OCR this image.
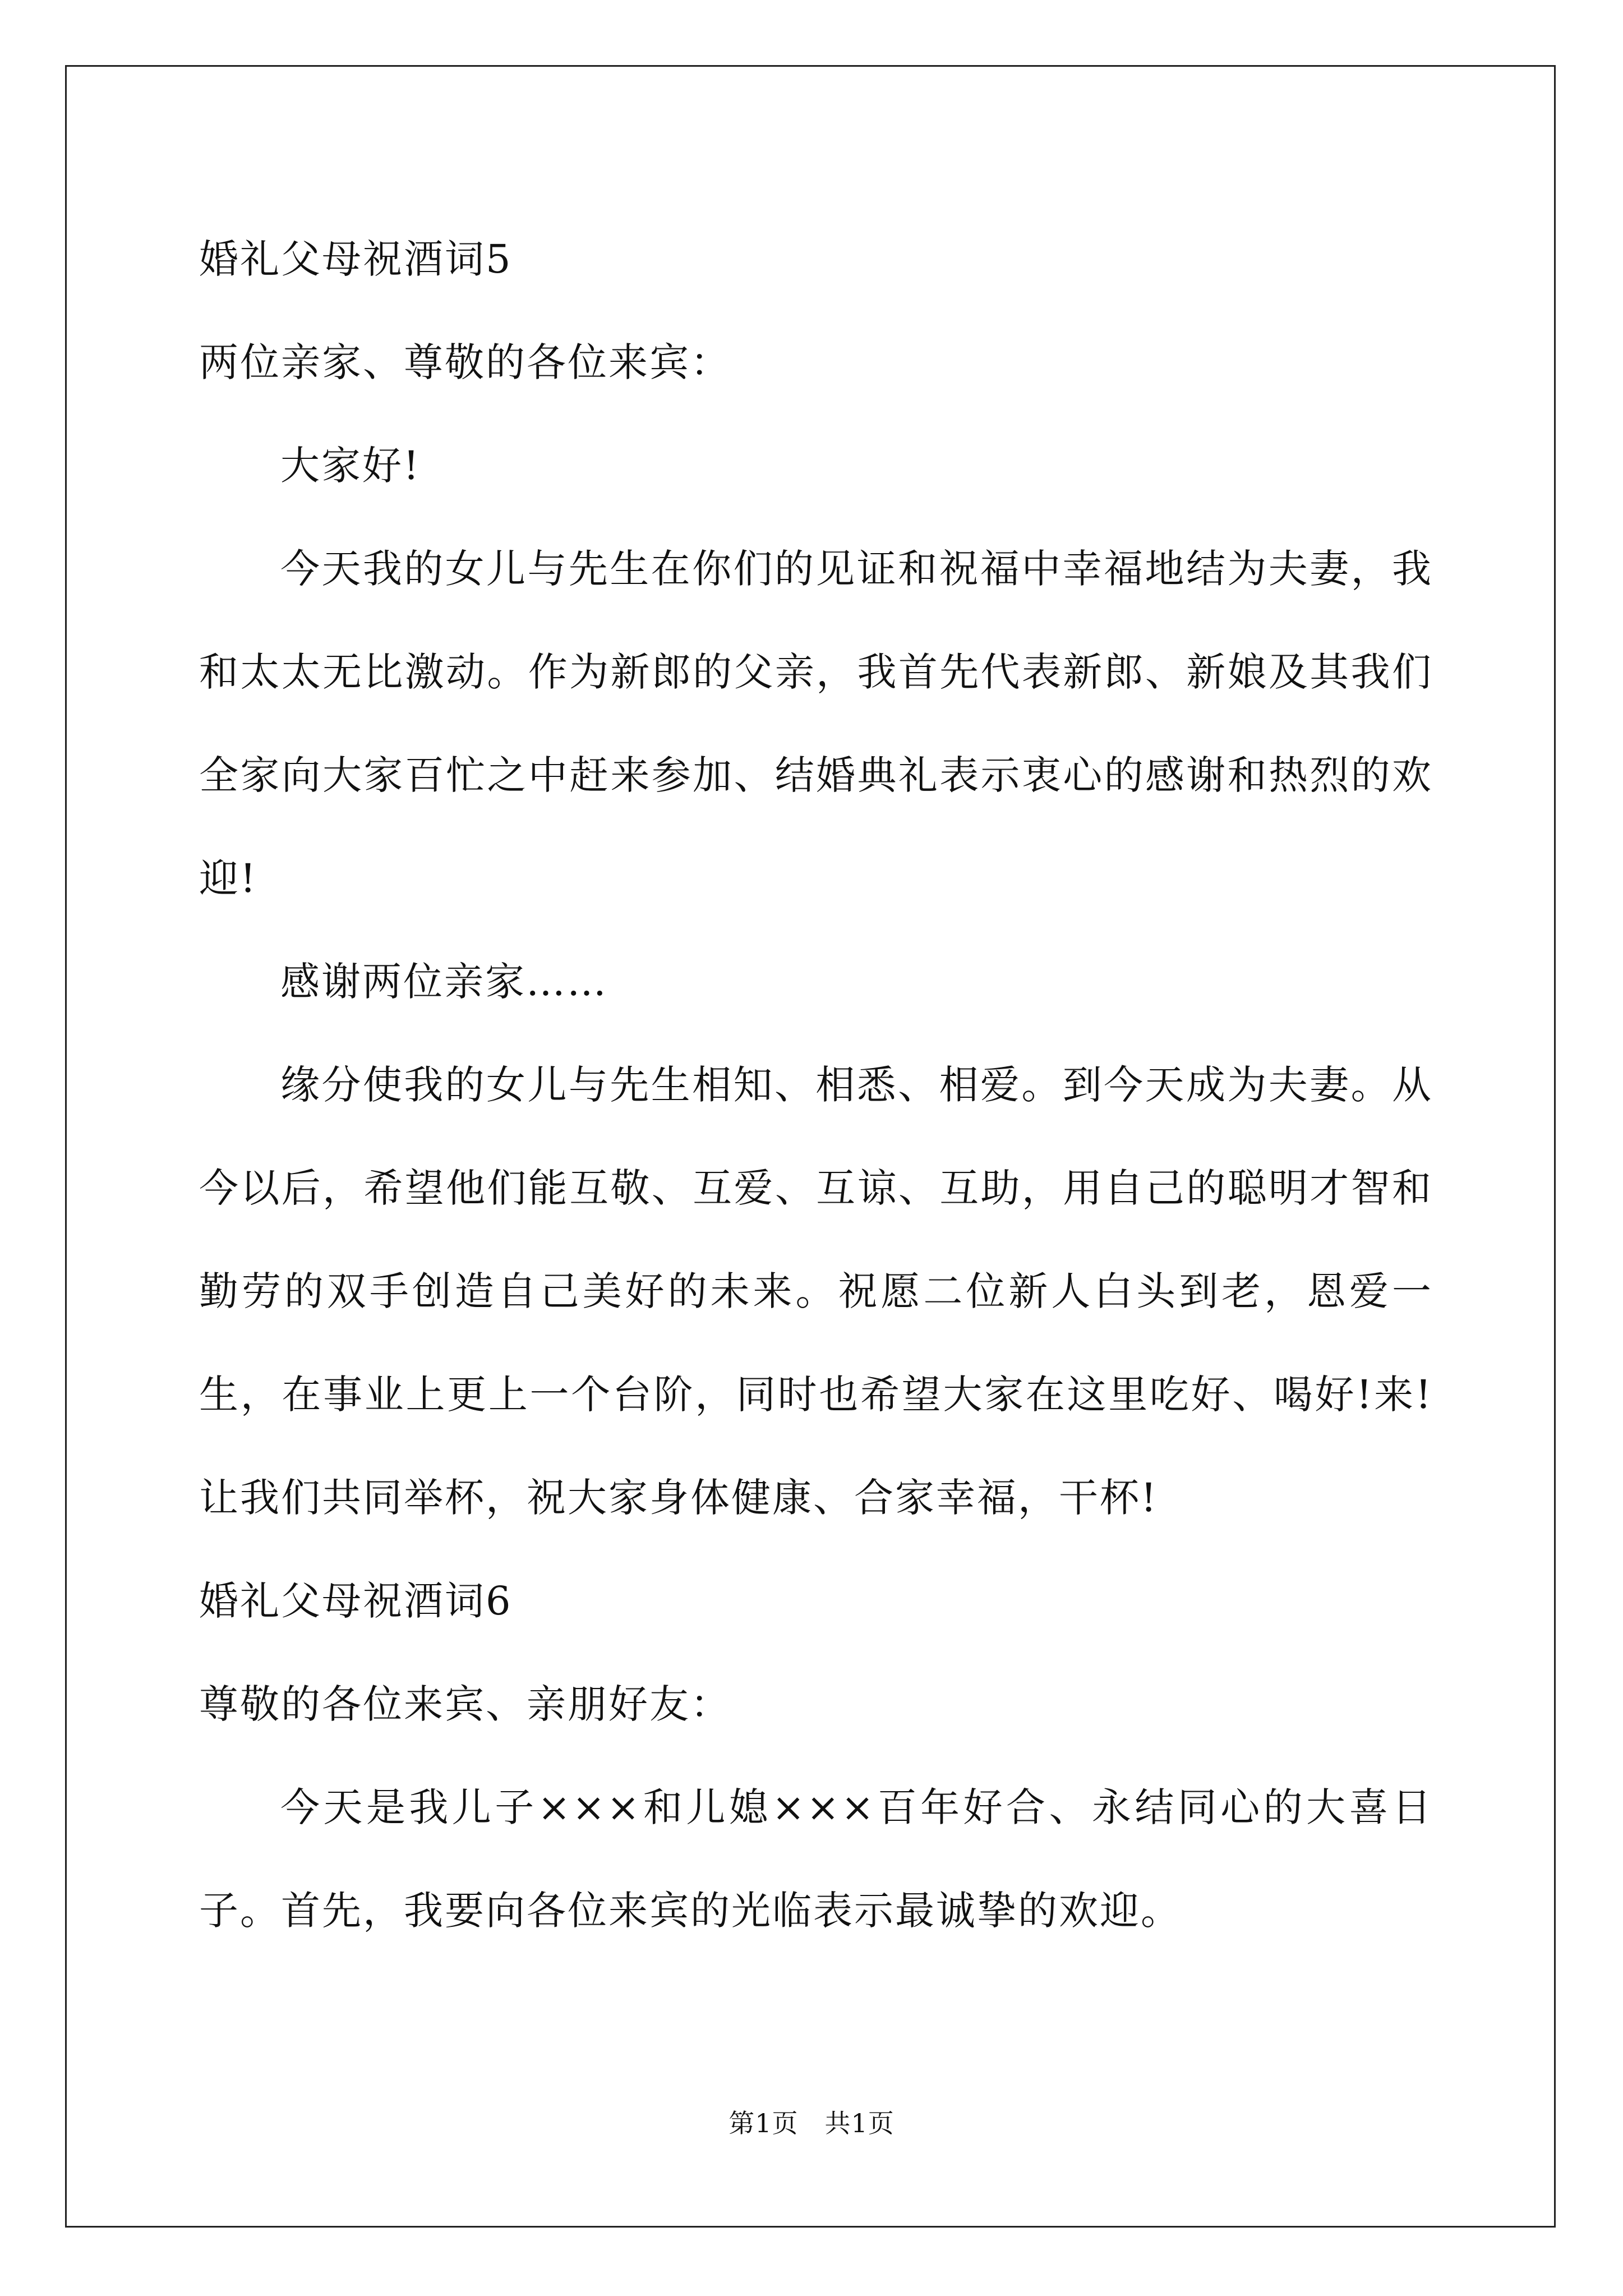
婚礼父母祝酒词5

两位亲家、尊敬的各位来宾：

大家好!

今天我的女儿与先生在你们的见证和祝福中幸福地结为夫妻，我和太太无比激动。作为新郎的父亲，我首先代表新郎、新娘及其我们全家向大家百忙之中赶来参加、结婚典礼表示衷心的感谢和热烈的欢迎!

感谢两位亲家……

缘分使我的女儿与先生相知、相悉、相爱。到今天成为夫妻。从今以后，希望他们能互敬、互爱、互谅、互助，用自己的聪明才智和勤劳的双手创造自己美好的未来。祝愿二位新人白头到老，恩爱一生，在事业上更上一个台阶，同时也希望大家在这里吃好、喝好!来!让我们共同举杯，祝大家身体健康、合家幸福，干杯!

婚礼父母祝酒词6

尊敬的各位来宾、亲朋好友：

今天是我儿子×××和儿媳×××百年好合、永结同心的大喜日子。首先，我要向各位来宾的光临表示最诚挚的欢迎。

第1页　共1页
